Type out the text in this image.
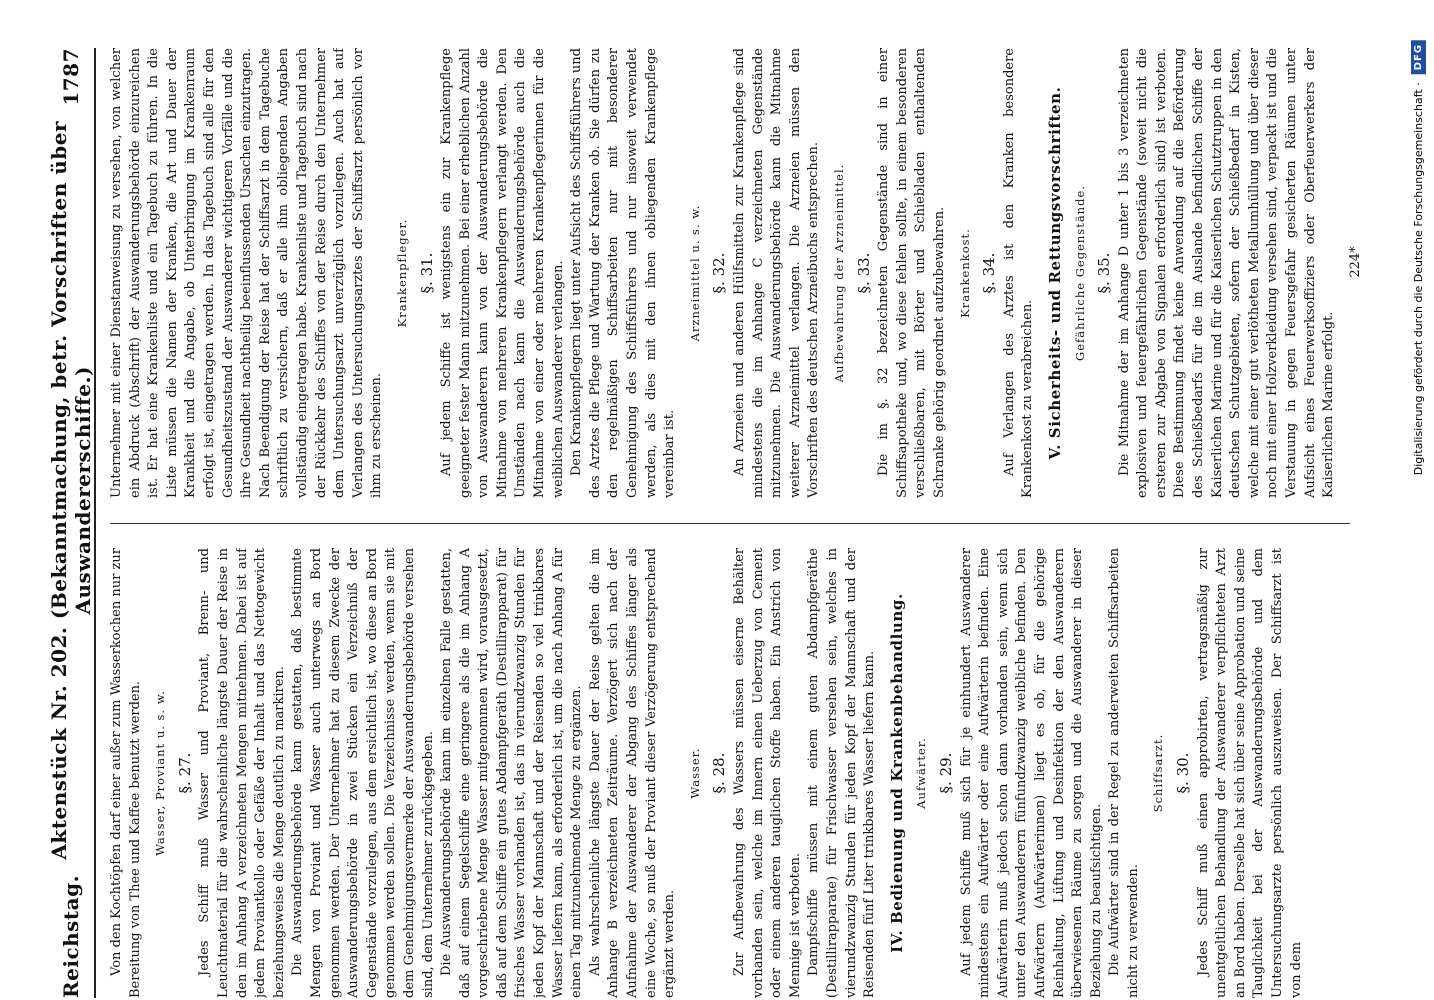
Reichstag.
Aktenstück Nr. 202. (Bekanntmachung, betr. Vorschriften über Auswandererschiffe.)
1787

Von den Kochtöpfen darf einer außer zum Wasserkochen nur zur Bereitung von Thee und Kaffee benutzt werden. Wasser, Proviant u. s. w. §. 27. Jedes Schiff muß Wasser und Proviant, Brenn- und Leuchtmaterial für die wahrscheinliche längste Dauer der Reise in den im Anhang A verzeichneten Mengen mitnehmen. Dabei ist auf jedem Proviantkollo oder Gefäße der Inhalt und das Nettogewicht beziehungsweise die Menge deutlich zu markiren. Die Auswanderungsbehörde kann gestatten, daß bestimmte Mengen von Proviant und Wasser auch unterwegs an Bord genommen werden. Der Unternehmer hat zu diesem Zwecke der Auswanderungsbehörde in zwei Stücken ein Verzeichniß der Gegenstände vorzulegen, aus dem ersichtlich ist, wo diese an Bord genommen werden sollen. Die Verzeichnisse werden, wenn sie mit dem Genehmigungsvermerke der Auswanderungsbehörde versehen sind, dem Unternehmer zurückgegeben. Die Auswanderungsbehörde kann im einzelnen Falle gestatten, daß auf einem Segelschiffe eine geringere als die im Anhang A vorgeschriebene Menge Wasser mitgenommen wird, vorausgesetzt, daß auf dem Schiffe ein gutes Abdampfgeräth (Destillirapparat) für frisches Wasser vorhanden ist, das in vierundzwanzig Stunden für jeden Kopf der Mannschaft und der Reisenden so viel trinkbares Wasser liefern kann, als erforderlich ist, um die nach Anhang A für einen Tag mitzunehmende Menge zu ergänzen. Als wahrscheinliche längste Dauer der Reise gelten die im Anhange B verzeichneten Zeiträume. Verzögert sich nach der Aufnahme der Auswanderer der Abgang des Schiffes länger als eine Woche, so muß der Proviant dieser Verzögerung entsprechend ergänzt werden.

Wasser. §. 28. Zur Aufbewahrung des Wassers müssen eiserne Behälter vorhanden sein, welche im Innern einen Ueberzug von Cement oder einem anderen tauglichen Stoffe haben. Ein Anstrich von Mennige ist verboten. Dampfschiffe müssen mit einem guten Abdampfgeräthe (Destillirapparate) für Frischwasser versehen sein, welches in vierundzwanzig Stunden für jeden Kopf der Mannschaft und der Reisenden fünf Liter trinkbares Wasser liefern kann. IV. Bedienung und Krankenbehandlung. Aufwärter. §. 29. Auf jedem Schiffe muß sich für je einhundert Auswanderer mindestens ein Aufwärter oder eine Aufwärterin befinden. Eine Aufwärterin muß jedoch schon dann vorhanden sein, wenn sich unter den Auswanderern fünfundzwanzig weibliche befinden. Den Aufwärtern (Aufwärterinnen) liegt es ob, für die gehörige Reinhaltung, Lüftung und Desinfektion der den Auswanderern überwiesenen Räume zu sorgen und die Auswanderer in dieser Beziehung zu beaufsichtigen. Die Aufwärter sind in der Regel zu anderweiten Schiffsarbeiten nicht zu verwenden.

Schiffsarzt. §. 30. Jedes Schiff muß einen approbirten, vertragsmäßig zur unentgeltlichen Behandlung der Auswanderer verpflichteten Arzt an Bord haben. Derselbe hat sich über seine Approbation und seine Tauglichkeit bei der Auswanderungsbehörde und dem Untersuchungsarzte persönlich auszuweisen. Der Schiffsarzt ist von dem

Unternehmer mit einer Dienstanweisung zu versehen, von welcher ein Abdruck (Abschrift) der Auswanderungsbehörde einzureichen ist. Er hat eine Krankenliste und ein Tagebuch zu führen. In die Liste müssen die Namen der Kranken, die Art und Dauer der Krankheit und die Angabe, ob Unterbringung im Krankenraum erfolgt ist, eingetragen werden. In das Tagebuch sind alle für den Gesundheitszustand der Auswanderer wichtigeren Vorfälle und die ihre Gesundheit nachtheilig beeinflussenden Ursachen einzutragen. Nach Beendigung der Reise hat der Schiffsarzt in dem Tagebuche schriftlich zu versichern, daß er alle ihm obliegenden Angaben vollständig eingetragen habe. Krankenliste und Tagebuch sind nach der Rückkehr des Schiffes von der Reise durch den Unternehmer dem Untersuchungsarzt unverzüglich vorzulegen. Auch hat auf Verlangen des Untersuchungsarztes der Schiffsarzt persönlich vor ihm zu erscheinen.

Krankenpfleger. §. 31. Auf jedem Schiffe ist wenigstens ein zur Krankenpflege geeigneter fester Mann mitzunehmen. Bei einer erheblichen Anzahl von Auswanderern kann von der Auswanderungsbehörde die Mitnahme von mehreren Krankenpflegern verlangt werden. Den Umständen nach kann die Auswanderungsbehörde auch die Mitnahme von einer oder mehreren Krankenpflegerinnen für die weiblichen Auswanderer verlangen. Den Krankenpflegern liegt unter Aufsicht des Schiffsführers und des Arztes die Pflege und Wartung der Kranken ob. Sie dürfen zu den regelmäßigen Schiffsarbeiten nur mit besonderer Genehmigung des Schiffsführers und nur insoweit verwendet werden, als dies mit den ihnen obliegenden Krankenpflege vereinbar ist.

Arzneimittel u. s. w. §. 32. An Arzneien und anderen Hülfsmitteln zur Krankenpflege sind mindestens die im Anhange C verzeichneten Gegenstände mitzunehmen. Die Auswanderungsbehörde kann die Mitnahme weiterer Arzneimittel verlangen. Die Arzneien müssen den Vorschriften des deutschen Arzneibuchs entsprechen. Aufbewahrung der Arzneimittel. §. 33. Die im §. 32 bezeichneten Gegenstände sind in einer Schiffsapotheke und, wo diese fehlen sollte, in einem besonderen verschließbaren, mit Börter und Schiebladen enthaltenden Schranke gehörig geordnet aufzubewahren. Krankenkost. §. 34. Auf Verlangen des Arztes ist den Kranken besondere Krankenkost zu verabreichen. V. Sicherheits- und Rettungsvorschriften. Gefährliche Gegenstände. §. 35. Die Mitnahme der im Anhange D unter 1 bis 3 verzeichneten explosiven und feuergefährlichen Gegenstände (soweit nicht die ersteren zur Abgabe von Signalen erforderlich sind) ist verboten. Diese Bestimmung findet keine Anwendung auf die Beförderung des Schießbedarfs für die im Auslande befindlichen Schiffe der Kaiserlichen Marine und für die Kaiserlichen Schutztruppen in den deutschen Schutzgebieten, sofern der Schießbedarf in Kisten, welche mit einer gut verlötheten Metallumhüllung und über dieser noch mit einer Holzverkleidung versehen sind, verpackt ist und die Verstauung in gegen Feuersgefahr gesicherten Räumen unter Aufsicht eines Feuerwerksoffiziers oder Oberfeuerwerkers der Kaiserlichen Marine erfolgt.

224*	Digitalisierung gefördert durch die Deutsche Forschungsgemeinschaft ·
DFG
